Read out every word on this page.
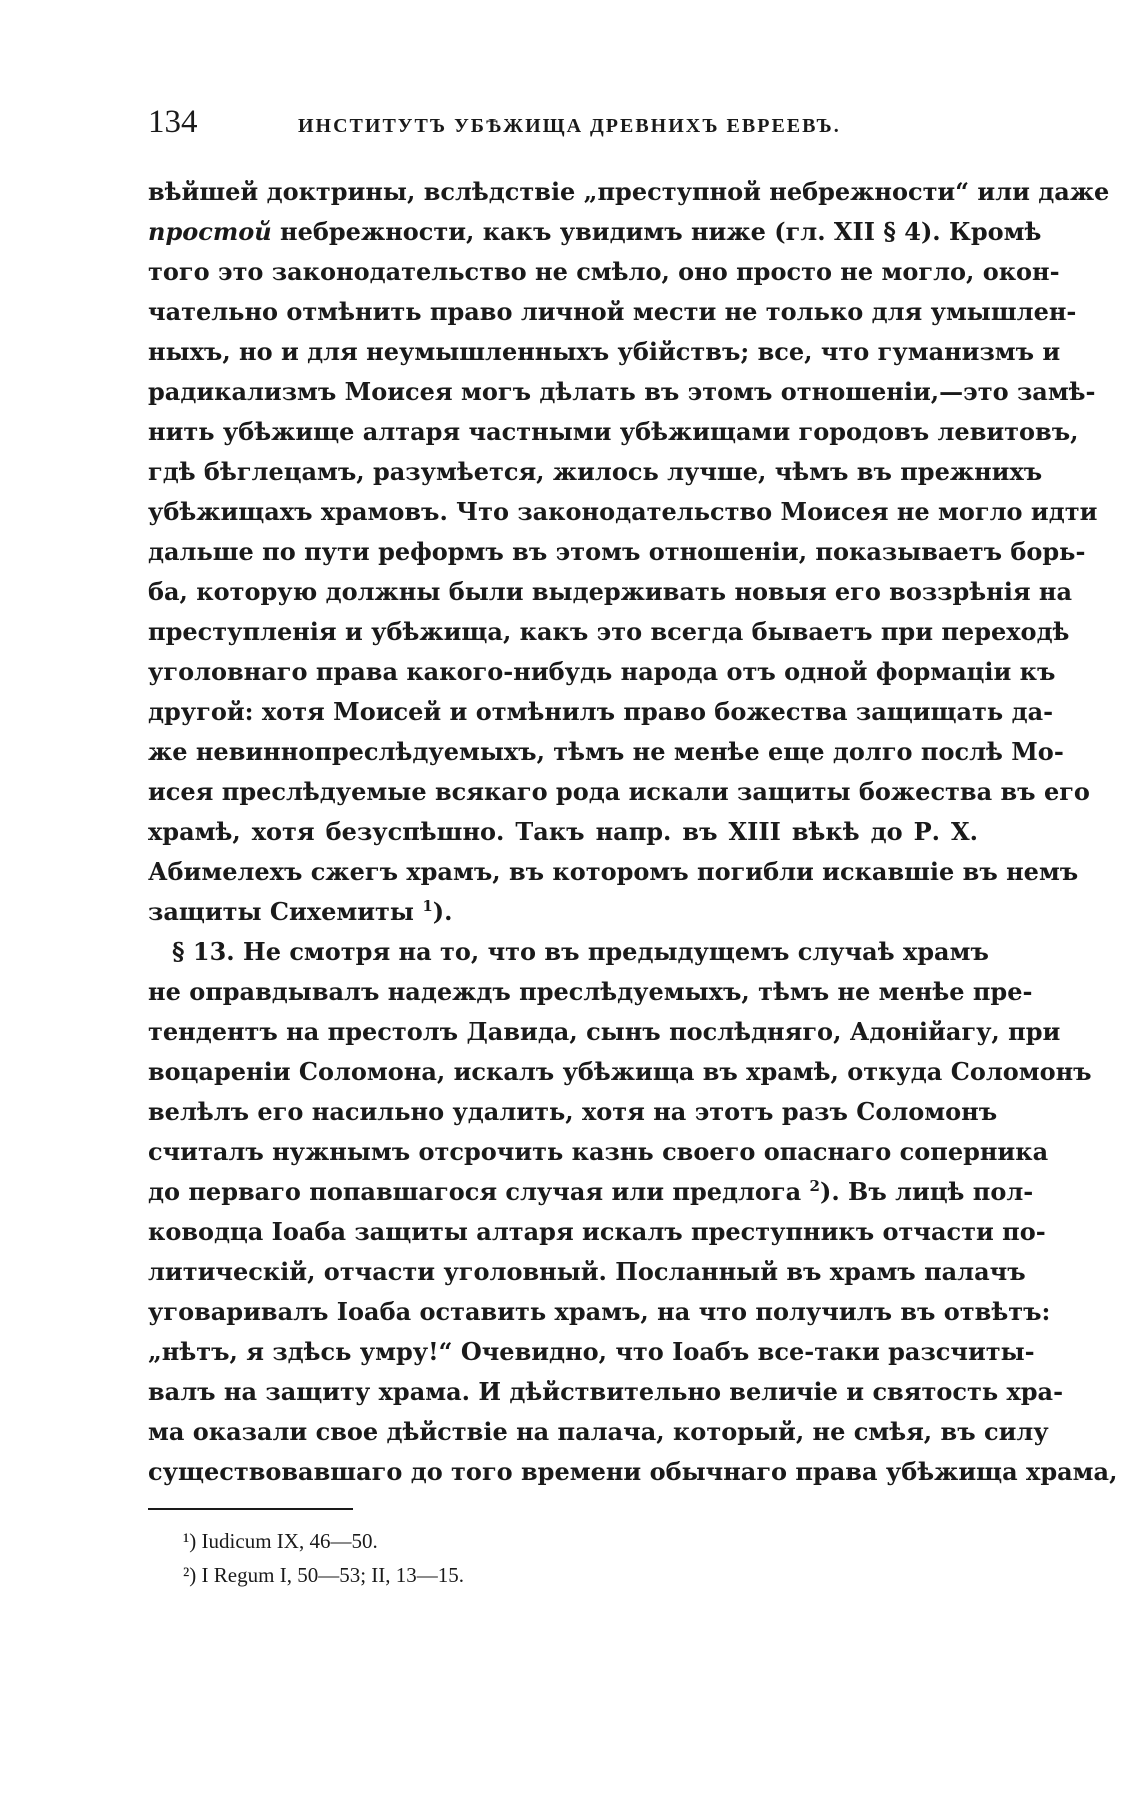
134	ИНСТИТУТЪ УБѢЖИЩА ДРЕВНИХЪ ЕВРЕЕВЪ.
вѣйшей доктрины, вслѣдствіе „преступной небрежности“ или даже
простой небрежности, какъ увидимъ ниже (гл. XII § 4). Кромѣ
того это законодательство не смѣло, оно просто не могло, окон-
чательно отмѣнить право личной мести не только для умышлен-
ныхъ, но и для неумышленныхъ убійствъ; все, что гуманизмъ и
радикализмъ Моисея могъ дѣлать въ этомъ отношеніи,—это замѣ-
нить убѣжище алтаря частными убѣжищами городовъ левитовъ,
гдѣ бѣглецамъ, разумѣется, жилось лучше, чѣмъ въ прежнихъ
убѣжищахъ храмовъ. Что законодательство Моисея не могло идти
дальше по пути реформъ въ этомъ отношеніи, показываетъ борь-
ба, которую должны были выдерживать новыя его воззрѣнія на
преступленія и убѣжища, какъ это всегда бываетъ при переходѣ
уголовнаго права какого-нибудь народа отъ одной формаціи къ
другой: хотя Моисей и отмѣнилъ право божества защищать да-
же невиннопреслѣдуемыхъ, тѣмъ не менѣе еще долго послѣ Мо-
исея преслѣдуемые всякаго рода искали защиты божества въ его
храмѣ, хотя безуспѣшно. Такъ напр. въ XIII вѣкѣ до Р. Х.
Абимелехъ сжегъ храмъ, въ которомъ погибли искавшіе въ немъ
защиты Сихемиты $^1$).
§ 13. Не смотря на то, что въ предыдущемъ случаѣ храмъ
не оправдывалъ надеждъ преслѣдуемыхъ, тѣмъ не менѣе пре-
тендентъ на престолъ Давида, сынъ послѣдняго, Адонійагу, при
воцареніи Соломона, искалъ убѣжища въ храмѣ, откуда Соломонъ
велѣлъ его насильно удалить, хотя на этотъ разъ Соломонъ
считалъ нужнымъ отсрочить казнь своего опаснаго соперника
до перваго попавшагося случая или предлога $^2$). Въ лицѣ пол-
ководца Іоаба защиты алтаря искалъ преступникъ отчасти по-
литическій, отчасти уголовный. Посланный въ храмъ палачъ
уговаривалъ Іоаба оставить храмъ, на что получилъ въ отвѣтъ:
„нѣтъ, я здѣсь умру!“ Очевидно, что Іоабъ все-таки разсчиты-
валъ на защиту храма. И дѣйствительно величіе и святость хра-
ма оказали свое дѣйствіе на палача, который, не смѣя, въ силу
существовавшаго до того времени обычнаго права убѣжища храма,
¹) Iudicum IX, 46—50.
²) I Regum I, 50—53; II, 13—15.
